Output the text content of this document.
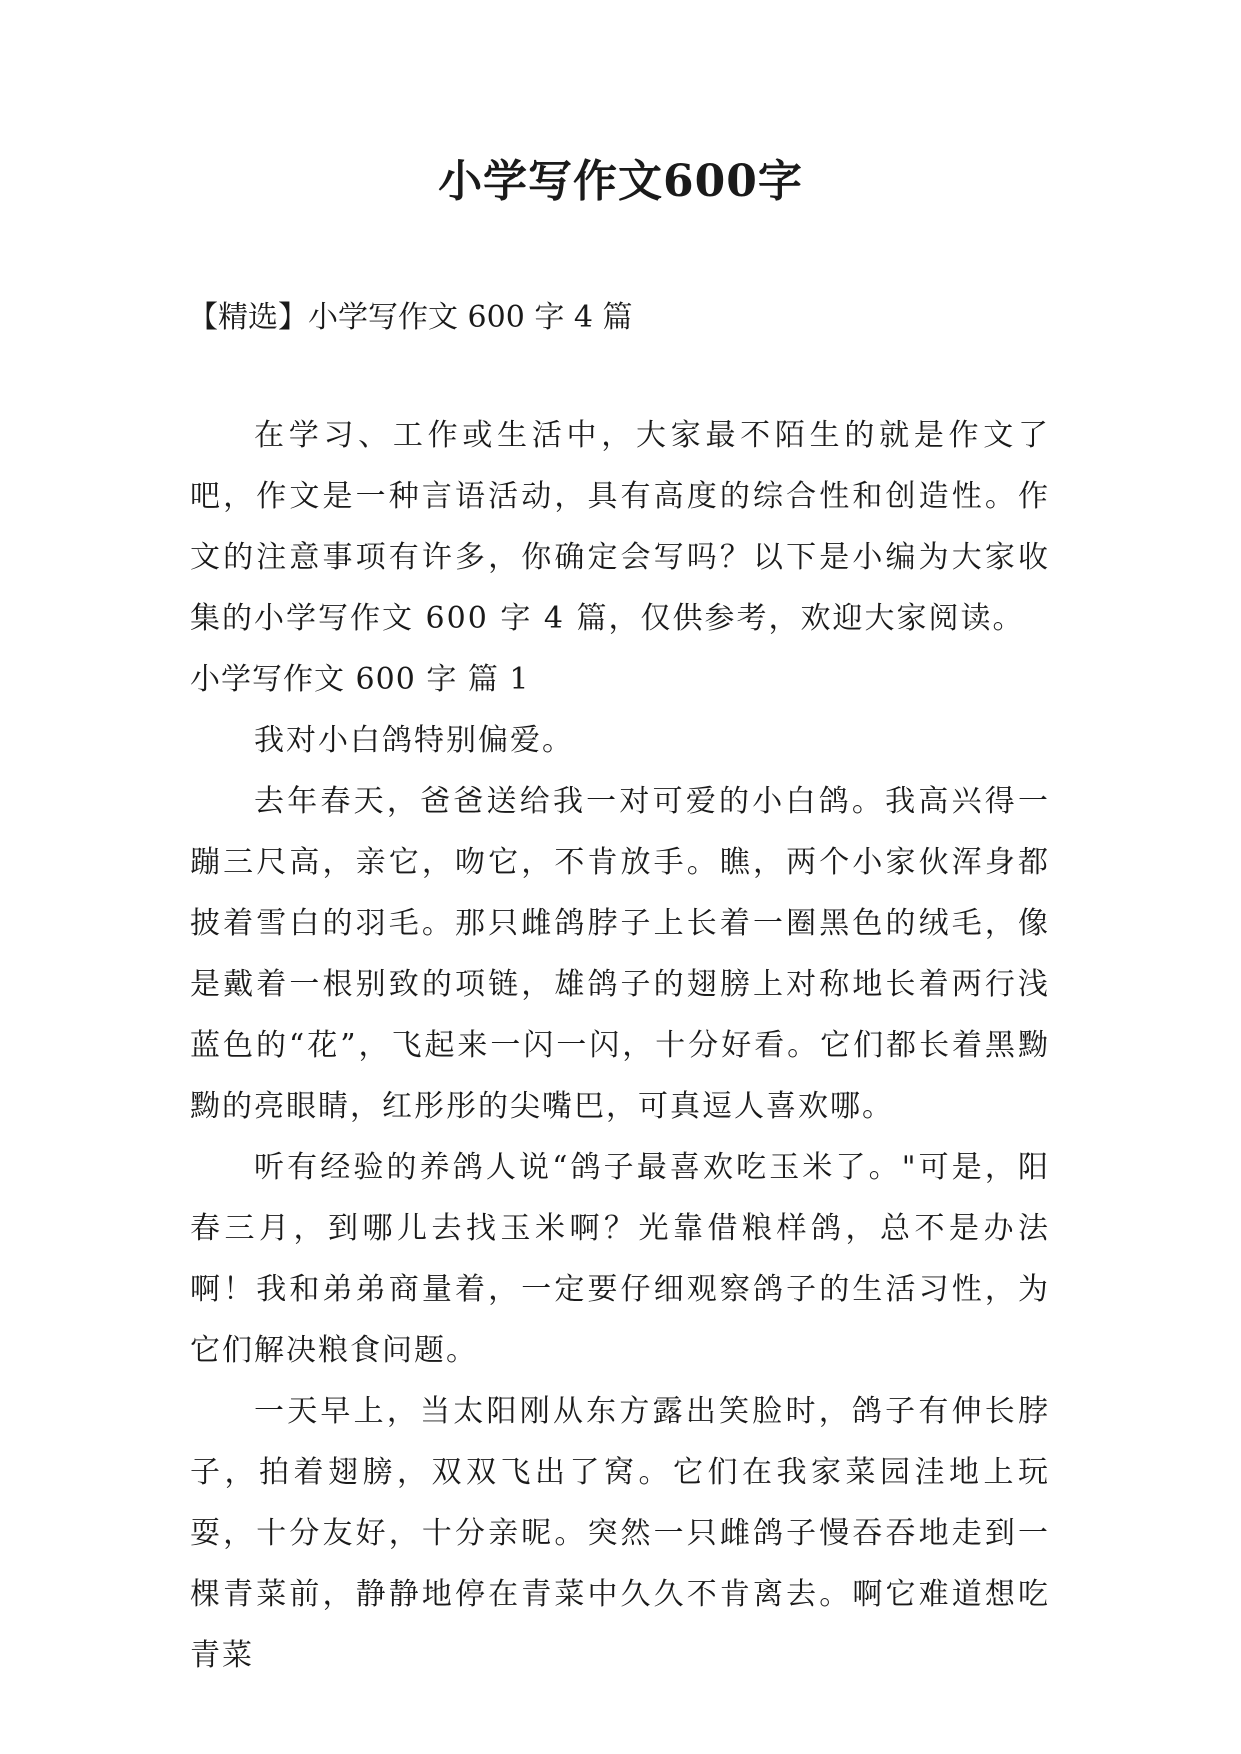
小学写作文600字

【精选】小学写作文 600 字 4 篇

在学习、工作或生活中，大家最不陌生的就是作文了吧，作文是一种言语活动，具有高度的综合性和创造性。作文的注意事项有许多，你确定会写吗？以下是小编为大家收集的小学写作文 600 字 4 篇，仅供参考，欢迎大家阅读。

小学写作文 600 字 篇 1

我对小白鸽特别偏爱。

去年春天，爸爸送给我一对可爱的小白鸽。我高兴得一蹦三尺高，亲它，吻它，不肯放手。瞧，两个小家伙浑身都披着雪白的羽毛。那只雌鸽脖子上长着一圈黑色的绒毛，像是戴着一根别致的项链，雄鸽子的翅膀上对称地长着两行浅蓝色的“花”，飞起来一闪一闪，十分好看。它们都长着黑黝黝的亮眼睛，红彤彤的尖嘴巴，可真逗人喜欢哪。

听有经验的养鸽人说“鸽子最喜欢吃玉米了。"可是，阳春三月，到哪儿去找玉米啊？光靠借粮样鸽，总不是办法啊！我和弟弟商量着，一定要仔细观察鸽子的生活习性，为它们解决粮食问题。

一天早上，当太阳刚从东方露出笑脸时，鸽子有伸长脖子，拍着翅膀，双双飞出了窝。它们在我家菜园洼地上玩耍，十分友好，十分亲昵。突然一只雌鸽子慢吞吞地走到一棵青菜前，静静地停在青菜中久久不肯离去。啊它难道想吃青菜
